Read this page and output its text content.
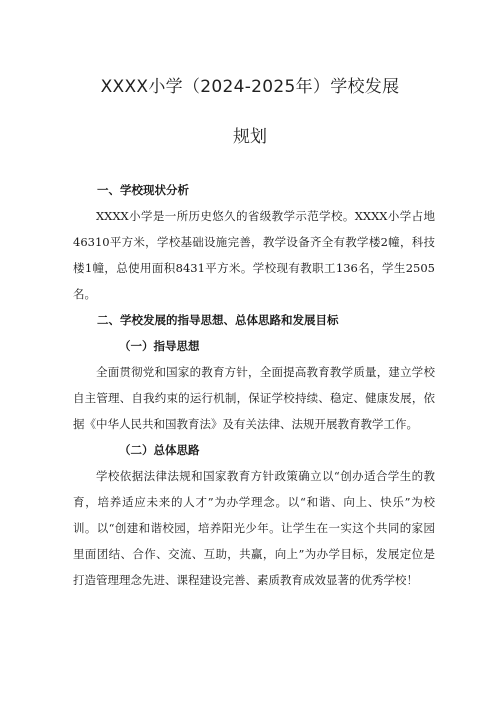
XXXX小学（2024-2025年）学校发展
规划
一、学校现状分析

XXXX小学是一所历史悠久的省级教学示范学校。XXXX小学占地46310平方米，学校基础设施完善，教学设备齐全有教学楼2幢，科技楼1幢，总使用面积8431平方米。学校现有教职工136名，学生2505名。

二、学校发展的指导思想、总体思路和发展目标
（一）指导思想

全面贯彻党和国家的教育方针，全面提高教育教学质量，建立学校自主管理、自我约束的运行机制，保证学校持续、稳定、健康发展，依据《中华人民共和国教育法》及有关法律、法规开展教育教学工作。

（二）总体思路

学校依据法律法规和国家教育方针政策确立以“创办适合学生的教育，培养适应未来的人才”为办学理念。以“和谐、向上、快乐”为校训。以“创建和谐校园，培养阳光少年。让学生在一实这个共同的家园里面团结、合作、交流、互助，共赢，向上”为办学目标，发展定位是打造管理理念先进、课程建设完善、素质教育成效显著的优秀学校！
